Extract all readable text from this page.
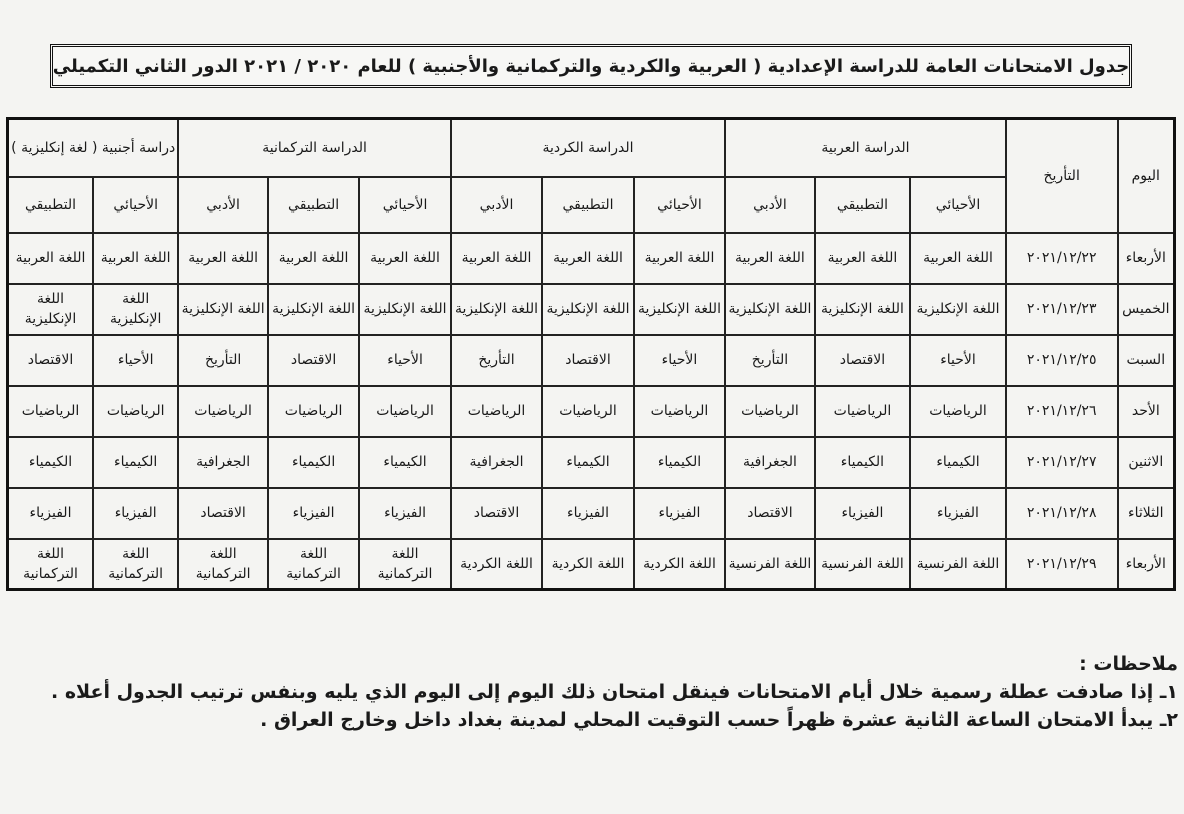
جدول الامتحانات العامة للدراسة الإعدادية ( العربية والكردية والتركمانية والأجنبية ) للعام ٢٠٢٠ / ٢٠٢١ الدور الثاني التكميلي
اليوم	التأريخ	الدراسة العربية			الدراسة الكردية			الدراسة التركمانية			دراسة أجنبية ( لغة إنكليزية )	
		الأحيائي	التطبيقي	الأدبي	الأحيائي	التطبيقي	الأدبي	الأحيائي	التطبيقي	الأدبي	الأحيائي	التطبيقي
الأربعاء	٢٠٢١/١٢/٢٢	اللغة العربية	اللغة العربية	اللغة العربية	اللغة العربية	اللغة العربية	اللغة العربية	اللغة العربية	اللغة العربية	اللغة العربية	اللغة العربية	اللغة العربية
الخميس	٢٠٢١/١٢/٢٣	اللغة الإنكليزية	اللغة الإنكليزية	اللغة الإنكليزية	اللغة الإنكليزية	اللغة الإنكليزية	اللغة الإنكليزية	اللغة الإنكليزية	اللغة الإنكليزية	اللغة الإنكليزية	اللغة الإنكليزية	اللغة الإنكليزية
السبت	٢٠٢١/١٢/٢٥	الأحياء	الاقتصاد	التأريخ	الأحياء	الاقتصاد	التأريخ	الأحياء	الاقتصاد	التأريخ	الأحياء	الاقتصاد
الأحد	٢٠٢١/١٢/٢٦	الرياضيات	الرياضيات	الرياضيات	الرياضيات	الرياضيات	الرياضيات	الرياضيات	الرياضيات	الرياضيات	الرياضيات	الرياضيات
الاثنين	٢٠٢١/١٢/٢٧	الكيمياء	الكيمياء	الجغرافية	الكيمياء	الكيمياء	الجغرافية	الكيمياء	الكيمياء	الجغرافية	الكيمياء	الكيمياء
الثلاثاء	٢٠٢١/١٢/٢٨	الفيزياء	الفيزياء	الاقتصاد	الفيزياء	الفيزياء	الاقتصاد	الفيزياء	الفيزياء	الاقتصاد	الفيزياء	الفيزياء
الأربعاء	٢٠٢١/١٢/٢٩	اللغة الفرنسية	اللغة الفرنسية	اللغة الفرنسية	اللغة الكردية	اللغة الكردية	اللغة الكردية	اللغة التركمانية	اللغة التركمانية	اللغة التركمانية	اللغة التركمانية	اللغة التركمانية
ملاحظات :
١ـ إذا صادفت عطلة رسمية خلال أيام الامتحانات فينقل امتحان ذلك اليوم إلى اليوم الذي يليه وبنفس ترتيب الجدول أعلاه .
٢ـ يبدأ الامتحان الساعة الثانية عشرة ظهراً حسب التوقيت المحلي لمدينة بغداد داخل وخارج العراق .
